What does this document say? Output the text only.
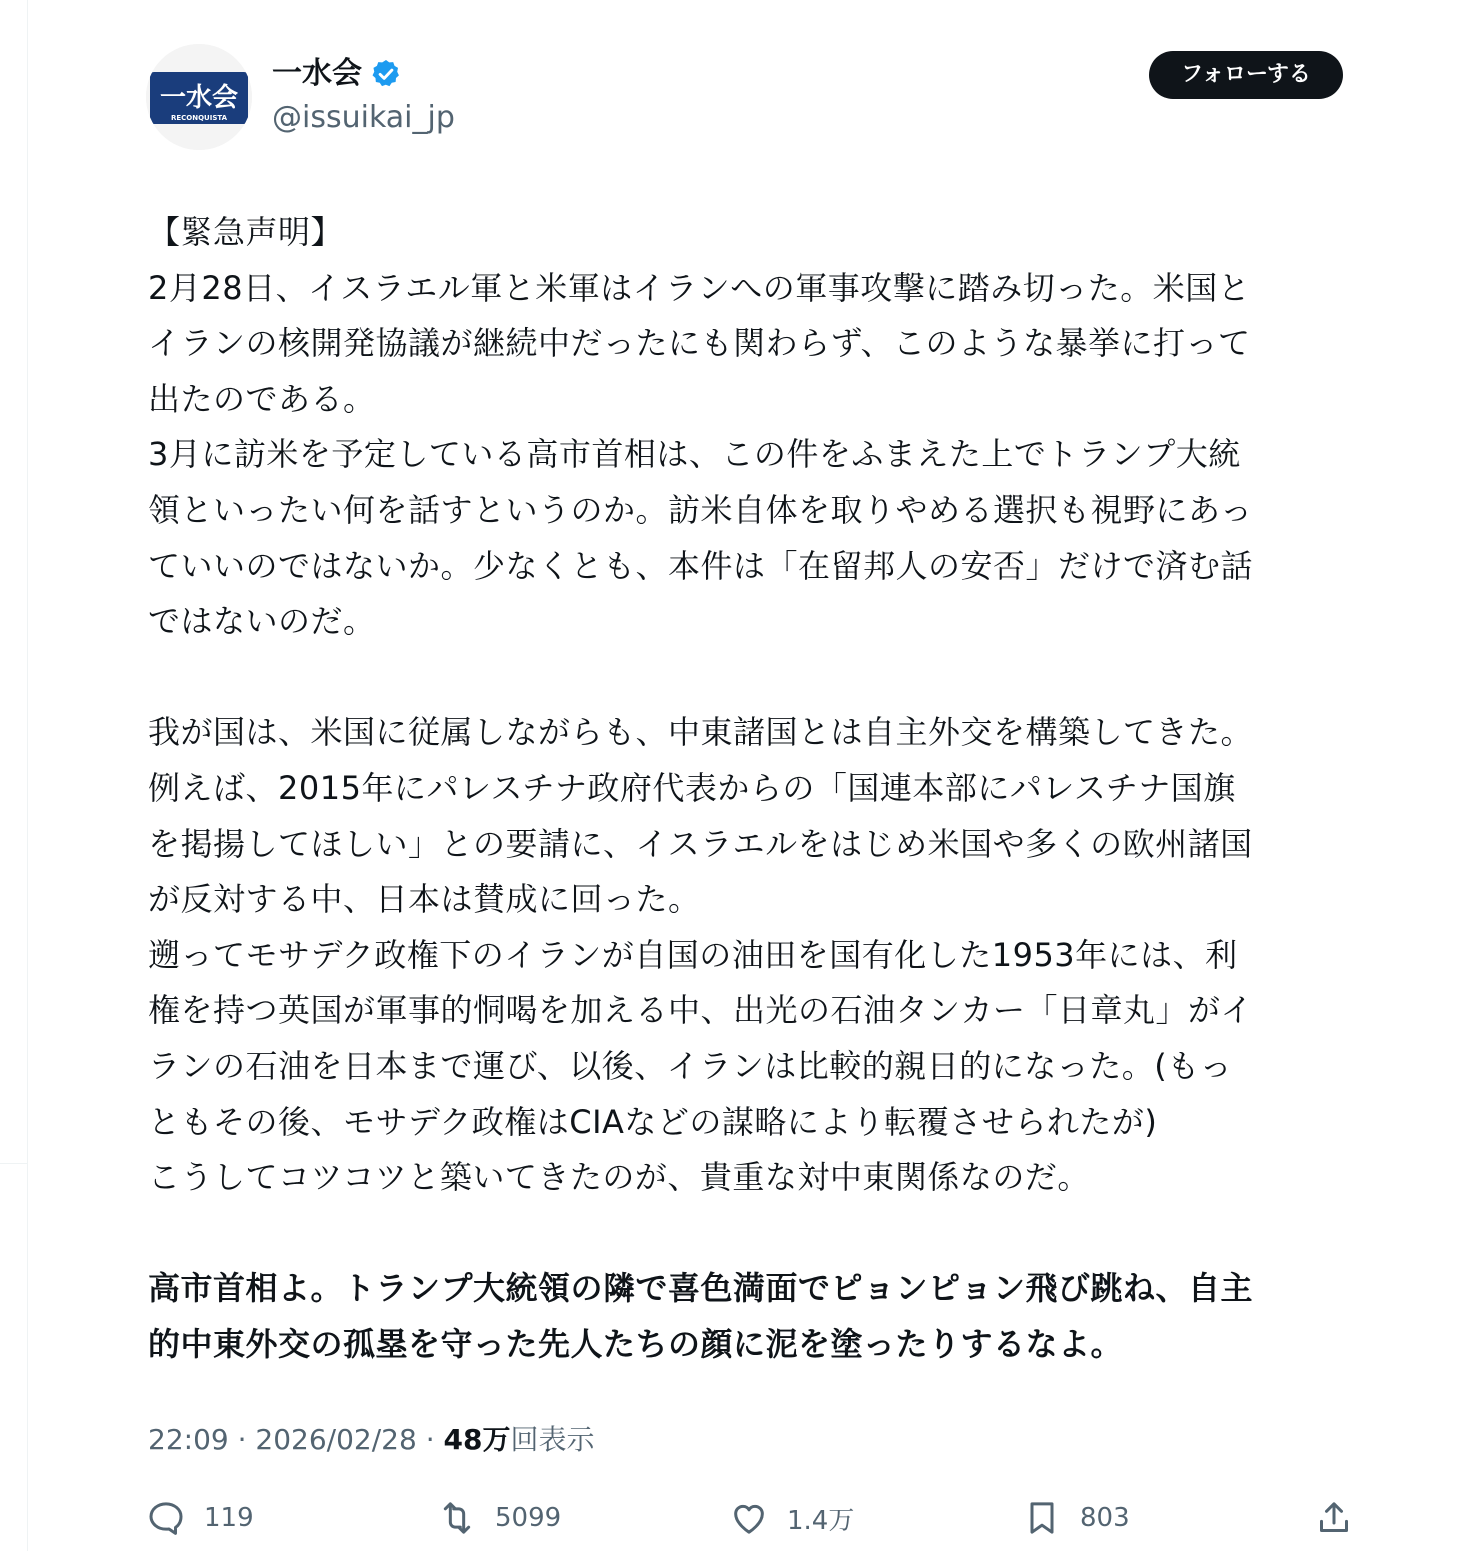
一水会
RECONQUISTA
一水会
@issuikai_jp
フォローする

【緊急声明】

2月28日、イスラエル軍と米軍はイランへの軍事攻撃に踏み切った。米国と

イランの核開発協議が継続中だったにも関わらず、このような暴挙に打って

出たのである。

3月に訪米を予定している高市首相は、この件をふまえた上でトランプ大統

領といったい何を話すというのか。訪米自体を取りやめる選択も視野にあっ

ていいのではないか。少なくとも、本件は「在留邦人の安否」だけで済む話

ではないのだ。

我が国は、米国に従属しながらも、中東諸国とは自主外交を構築してきた。

例えば、2015年にパレスチナ政府代表からの「国連本部にパレスチナ国旗

を掲揚してほしい」との要請に、イスラエルをはじめ米国や多くの欧州諸国

が反対する中、日本は賛成に回った。

遡ってモサデク政権下のイランが自国の油田を国有化した1953年には、利

権を持つ英国が軍事的恫喝を加える中、出光の石油タンカー「日章丸」がイ

ランの石油を日本まで運び、以後、イランは比較的親日的になった。(もっ

ともその後、モサデク政権はCIAなどの謀略により転覆させられたが)

こうしてコツコツと築いてきたのが、貴重な対中東関係なのだ。

高市首相よ。トランプ大統領の隣で喜色満面でピョンピョン飛び跳ね、自主

的中東外交の孤塁を守った先人たちの顔に泥を塗ったりするなよ。

22:09 · 2026/02/28 · 48万回表示
119	5099	1.4万	803
